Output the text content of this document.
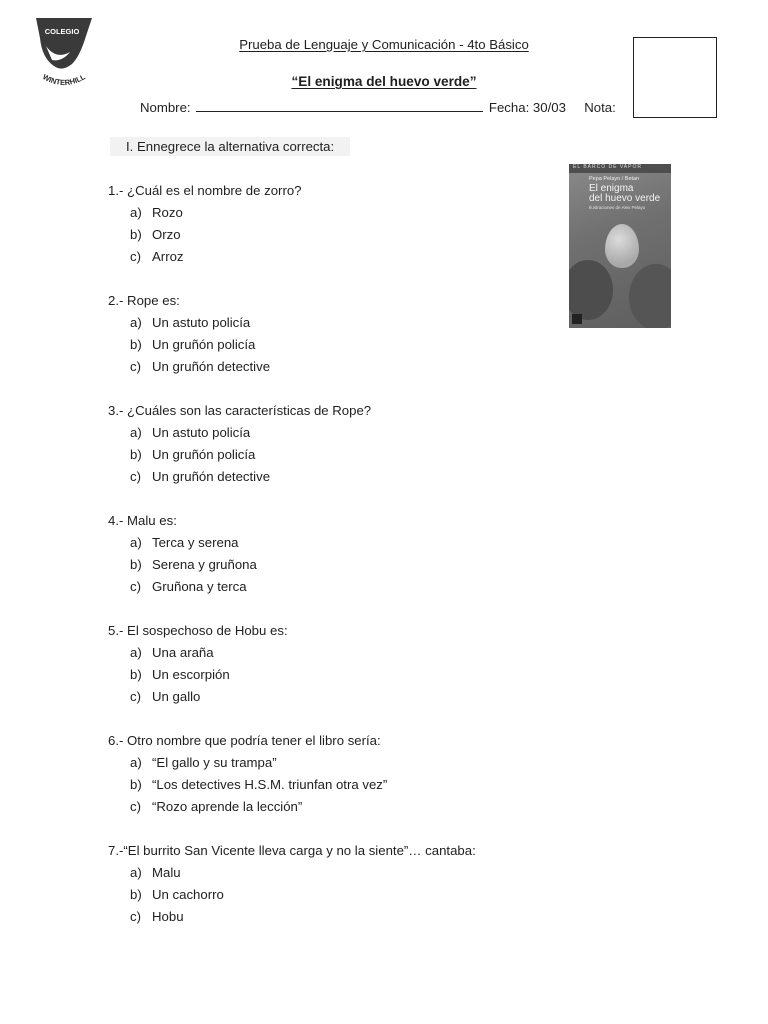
COLEGIO
WINTERHILL
Prueba de Lenguaje y Comunicación - 4to Básico
“El enigma del huevo verde”
Nombre:	Fecha: 30/03 Nota:
I. Ennegrece la alternativa correcta:
EL BARCO DE VAPOR
Pepa Pelayo / Betan
El enigma
del huevo verde
Ilustraciones de Alex Pelayo
1.- ¿Cuál es el nombre de zorro?
a) Rozo
b) Orzo
c) Arroz
2.- Rope es:
a) Un astuto policía
b) Un gruñón policía
c) Un gruñón detective
3.- ¿Cuáles son las características de Rope?
a) Un astuto policía
b) Un gruñón policía
c) Un gruñón detective
4.- Malu es:
a) Terca y serena
b) Serena y gruñona
c) Gruñona y terca
5.- El sospechoso de Hobu es:
a) Una araña
b) Un escorpión
c) Un gallo
6.- Otro nombre que podría tener el libro sería:
a) “El gallo y su trampa”
b) “Los detectives H.S.M. triunfan otra vez”
c) “Rozo aprende la lección”
7.-“El burrito San Vicente lleva carga y no la siente”… cantaba:
a) Malu
b) Un cachorro
c) Hobu
